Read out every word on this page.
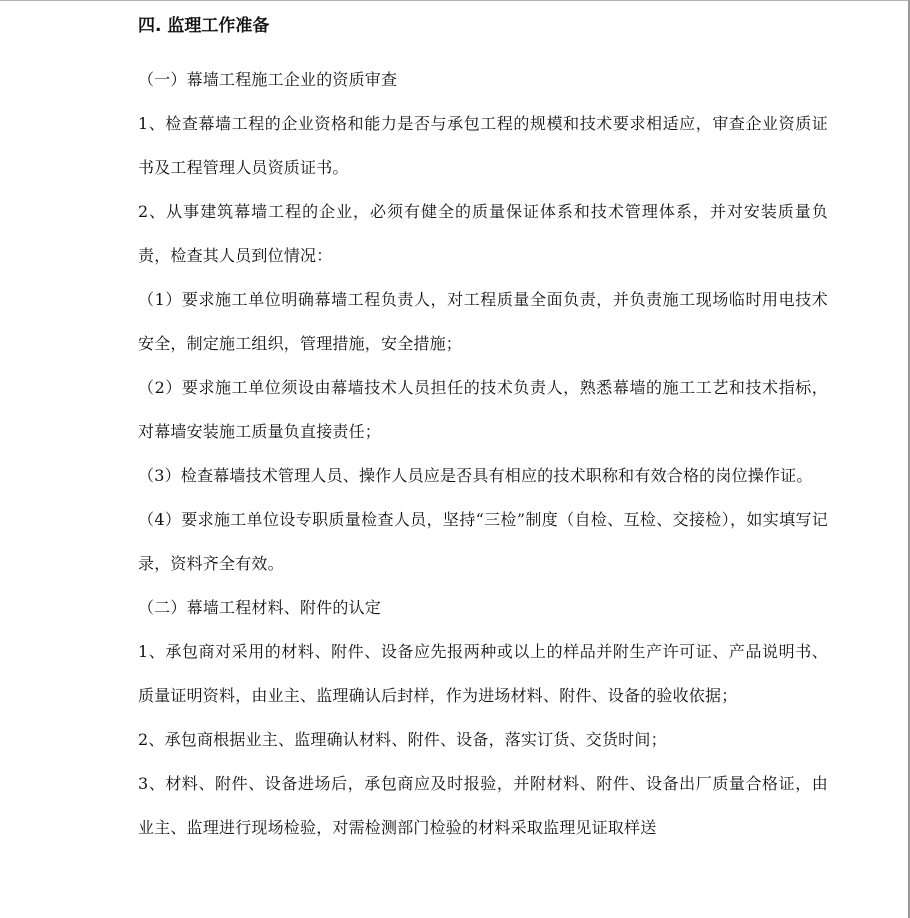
四. 监理工作准备

（一）幕墙工程施工企业的资质审查

1、检查幕墙工程的企业资格和能力是否与承包工程的规模和技术要求相适应，审查企业资质证书及工程管理人员资质证书。

2、从事建筑幕墙工程的企业，必须有健全的质量保证体系和技术管理体系，并对安装质量负责，检查其人员到位情况：

（1）要求施工单位明确幕墙工程负责人，对工程质量全面负责，并负责施工现场临时用电技术安全，制定施工组织，管理措施，安全措施；

（2）要求施工单位须设由幕墙技术人员担任的技术负责人，熟悉幕墙的施工工艺和技术指标，对幕墙安装施工质量负直接责任；

（3）检查幕墙技术管理人员、操作人员应是否具有相应的技术职称和有效合格的岗位操作证。

（4）要求施工单位设专职质量检查人员，坚持“三检”制度（自检、互检、交接检），如实填写记录，资料齐全有效。

（二）幕墙工程材料、附件的认定

1、承包商对采用的材料、附件、设备应先报两种或以上的样品并附生产许可证、产品说明书、质量证明资料，由业主、监理确认后封样，作为进场材料、附件、设备的验收依据；

2、承包商根据业主、监理确认材料、附件、设备，落实订货、交货时间；

3、材料、附件、设备进场后，承包商应及时报验，并附材料、附件、设备出厂质量合格证，由业主、监理进行现场检验，对需检测部门检验的材料采取监理见证取样送
